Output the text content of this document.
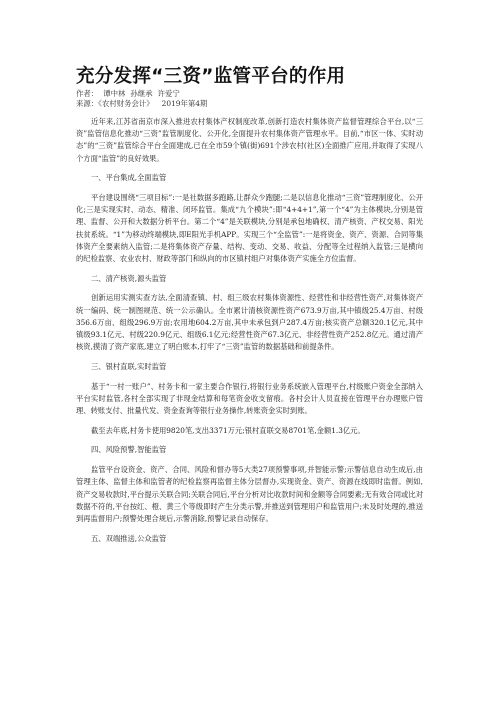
充分发挥“三资”监管平台的作用
作者： 谭中林 孙继承 许爱宁
来源：《农村财务会计》 2019年第4期

近年来,江苏省南京市深入推进农村集体产权制度改革,创新打造农村集体资产监督管理综合平台,以“三资”监管信息化推动“三资”监管制度化、公开化,全面提升农村集体资产管理水平。目前,“市区一体、实时动态”的“三资”监管综合平台全面建成,已在全市59个镇(街)691个涉农村(社区)全面推广应用,并取得了实现八个方面“监管”的良好效果。

一、平台集成,全面监管

平台建设围绕“三项目标”:一是社数据多跑路,让群众少跑腿;二是以信息化推动“三资”管理制度化、公开化;三是实现实时、动态、精准、闭环监管。集成“九个模块”:即“4+4+1”,第一个“4”为主体模块,分别是管理、监督、公开和大数据分析平台。第二个“4”是关联模块,分别是承包地确权、清产核资、产权交易、阳光扶贫系统。“1”为移动终端模块,即E阳光手机APP。实现三个“全监管”:一是将资金、资产、资源、合同等集体资产全要素纳入监管;二是将集体资产存量、结构、变动、交易、收益、分配等全过程纳入监管;三是横向的纪检监察、农业农村、财政等部门和纵向的市区镇村组户对集体资产实施全方位监督。

二、清产核资,源头监管

创新运用实测实查方法,全面清查镇、村、组三级农村集体资源性、经营性和非经营性资产,对集体资产统一编码、统一制图规范、统一公示确认。全市累计清核资源性资产673.9万亩,其中镇级25.4万亩、村级356.6万亩、组级296.9万亩;农用地604.2万亩,其中未承包到户287.4万亩;核实资产总额320.1亿元,其中镇级93.1亿元、村级220.9亿元、组级6.1亿元;经营性资产67.3亿元、非经营性资产252.8亿元。通过清产核资,摸清了资产家底,建立了明白账本,打牢了“三资”监管的数据基础和前提条件。

三、银村直联,实时监管

基于“一村一账户”、村务卡和一家主要合作银行,将银行业务系统嵌入管理平台,村级账户资金全部纳入平台实时监管,各村全部实现了非现金结算和每笔资金收支留痕。各村会计人员直接在管理平台办理账户管理、转账支付、批量代发、资金查询等银行业务操作,转账资金实时到账。

截至去年底,村务卡使用9820笔,支出3371万元;银村直联交易8701笔,金额1.3亿元。

四、风险预警,智能监管

监管平台设资金、资产、合同、风险和督办等5大类27项预警事项,并智能示警;示警信息自动生成后,由管理主体、监督主体和监管者的纪检监察再监督主体分层督办,实现资金、资产、资源在线即时监督。例如,资产交易收款时,平台提示关联合同;关联合同后,平台分析对比收款时间和金额等合同要素;无有效合同或比对数据不符的,平台按红、橙、黄三个等级即时产生分类示警,并推送到管理用户和监管用户;未及时处理的,推送到再监督用户;预警处理合规后,示警消除,预警记录自动保存。

五、双端推送,公众监管
